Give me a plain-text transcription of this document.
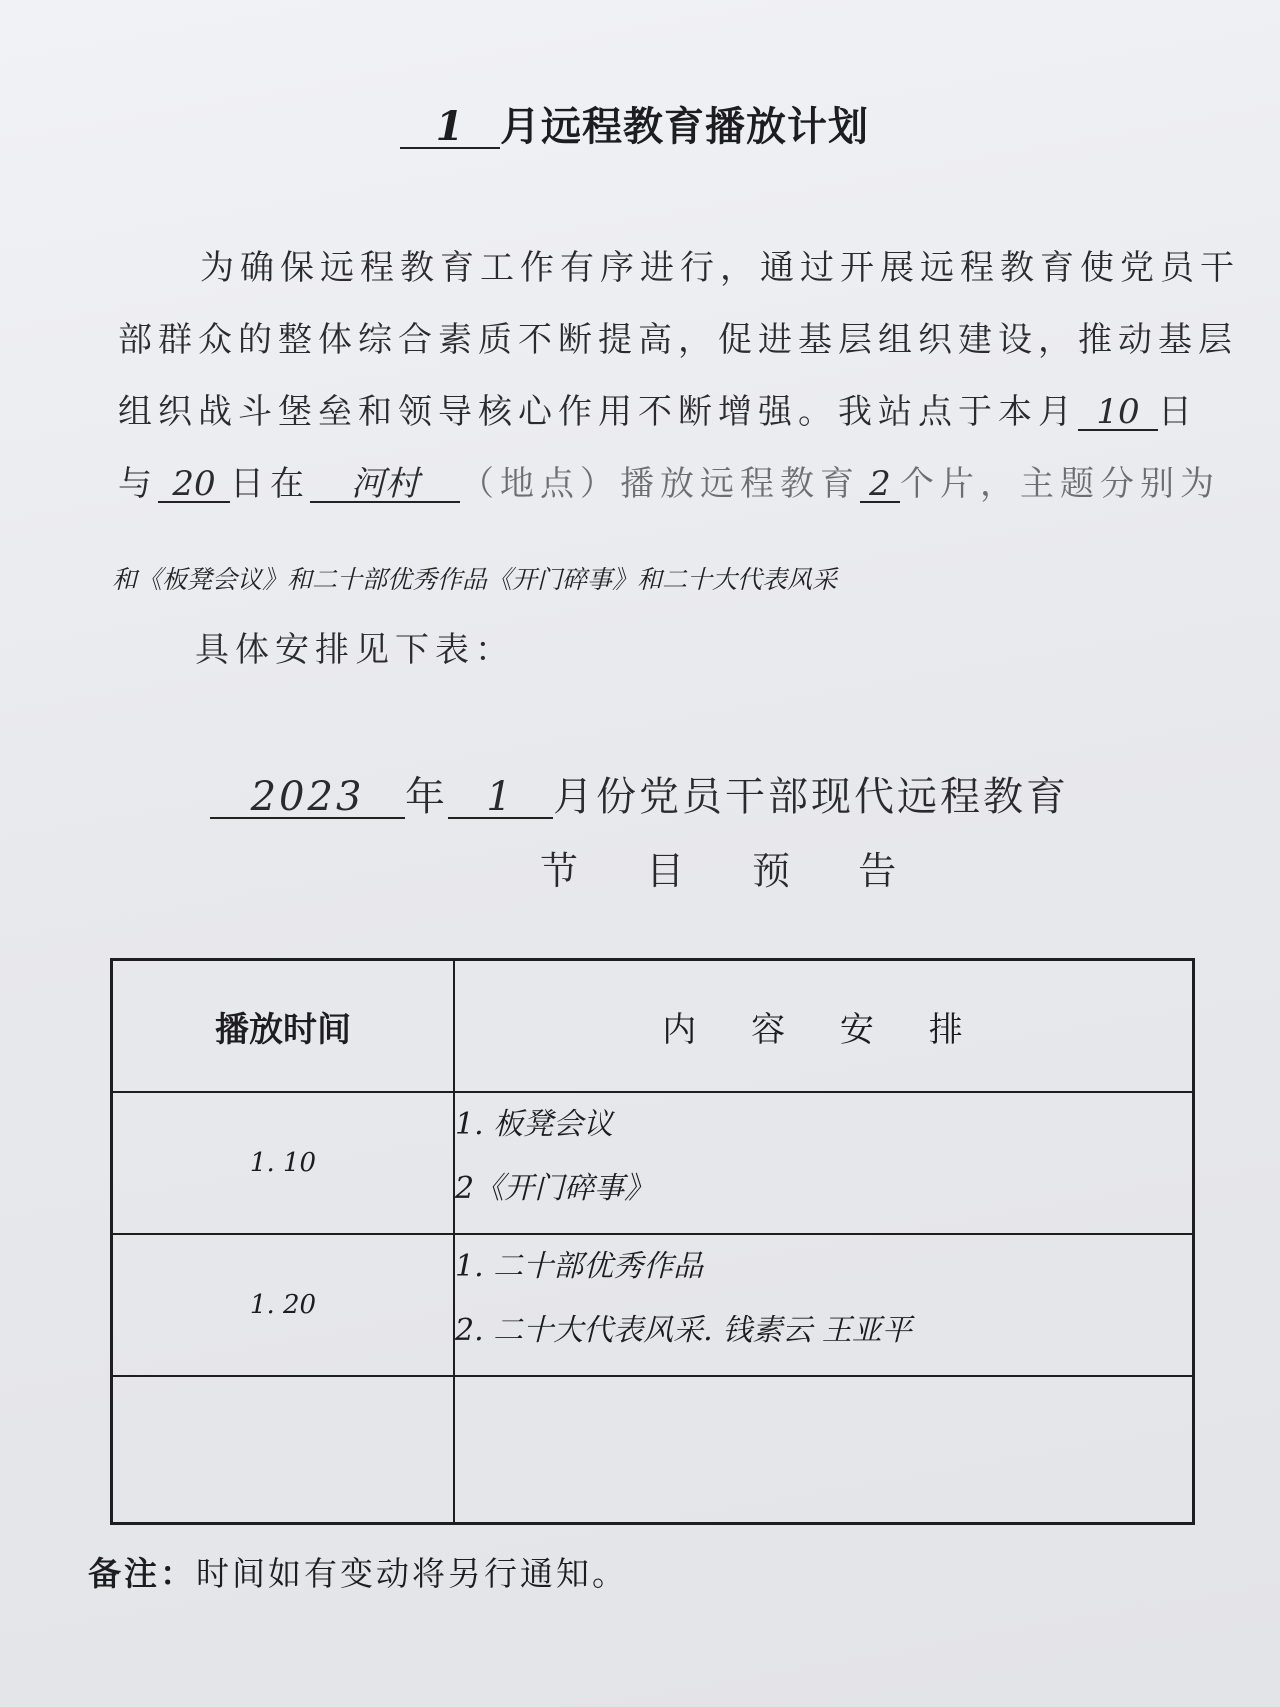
1 月远程教育播放计划
为确保远程教育工作有序进行，通过开展远程教育使党员干
部群众的整体综合素质不断提高，促进基层组织建设，推动基层
组织战斗堡垒和领导核心作用不断增强。我站点于本月 10 日
与 20 日在 河村 （地点）播放远程教育 2 个片，主题分别为
和《板凳会议》和二十部优秀作品《开门碎事》和二十大代表风采
具体安排见下表：
2023 年 1 月份党员干部现代远程教育
节 目 预 告
播放时间	内 容 安 排
1. 10	1. 板凳会议
2《开门碎事》

1. 20	1. 二十部优秀作品
2. 二十大代表风采. 钱素云 王亚平

备注：时间如有变动将另行通知。
